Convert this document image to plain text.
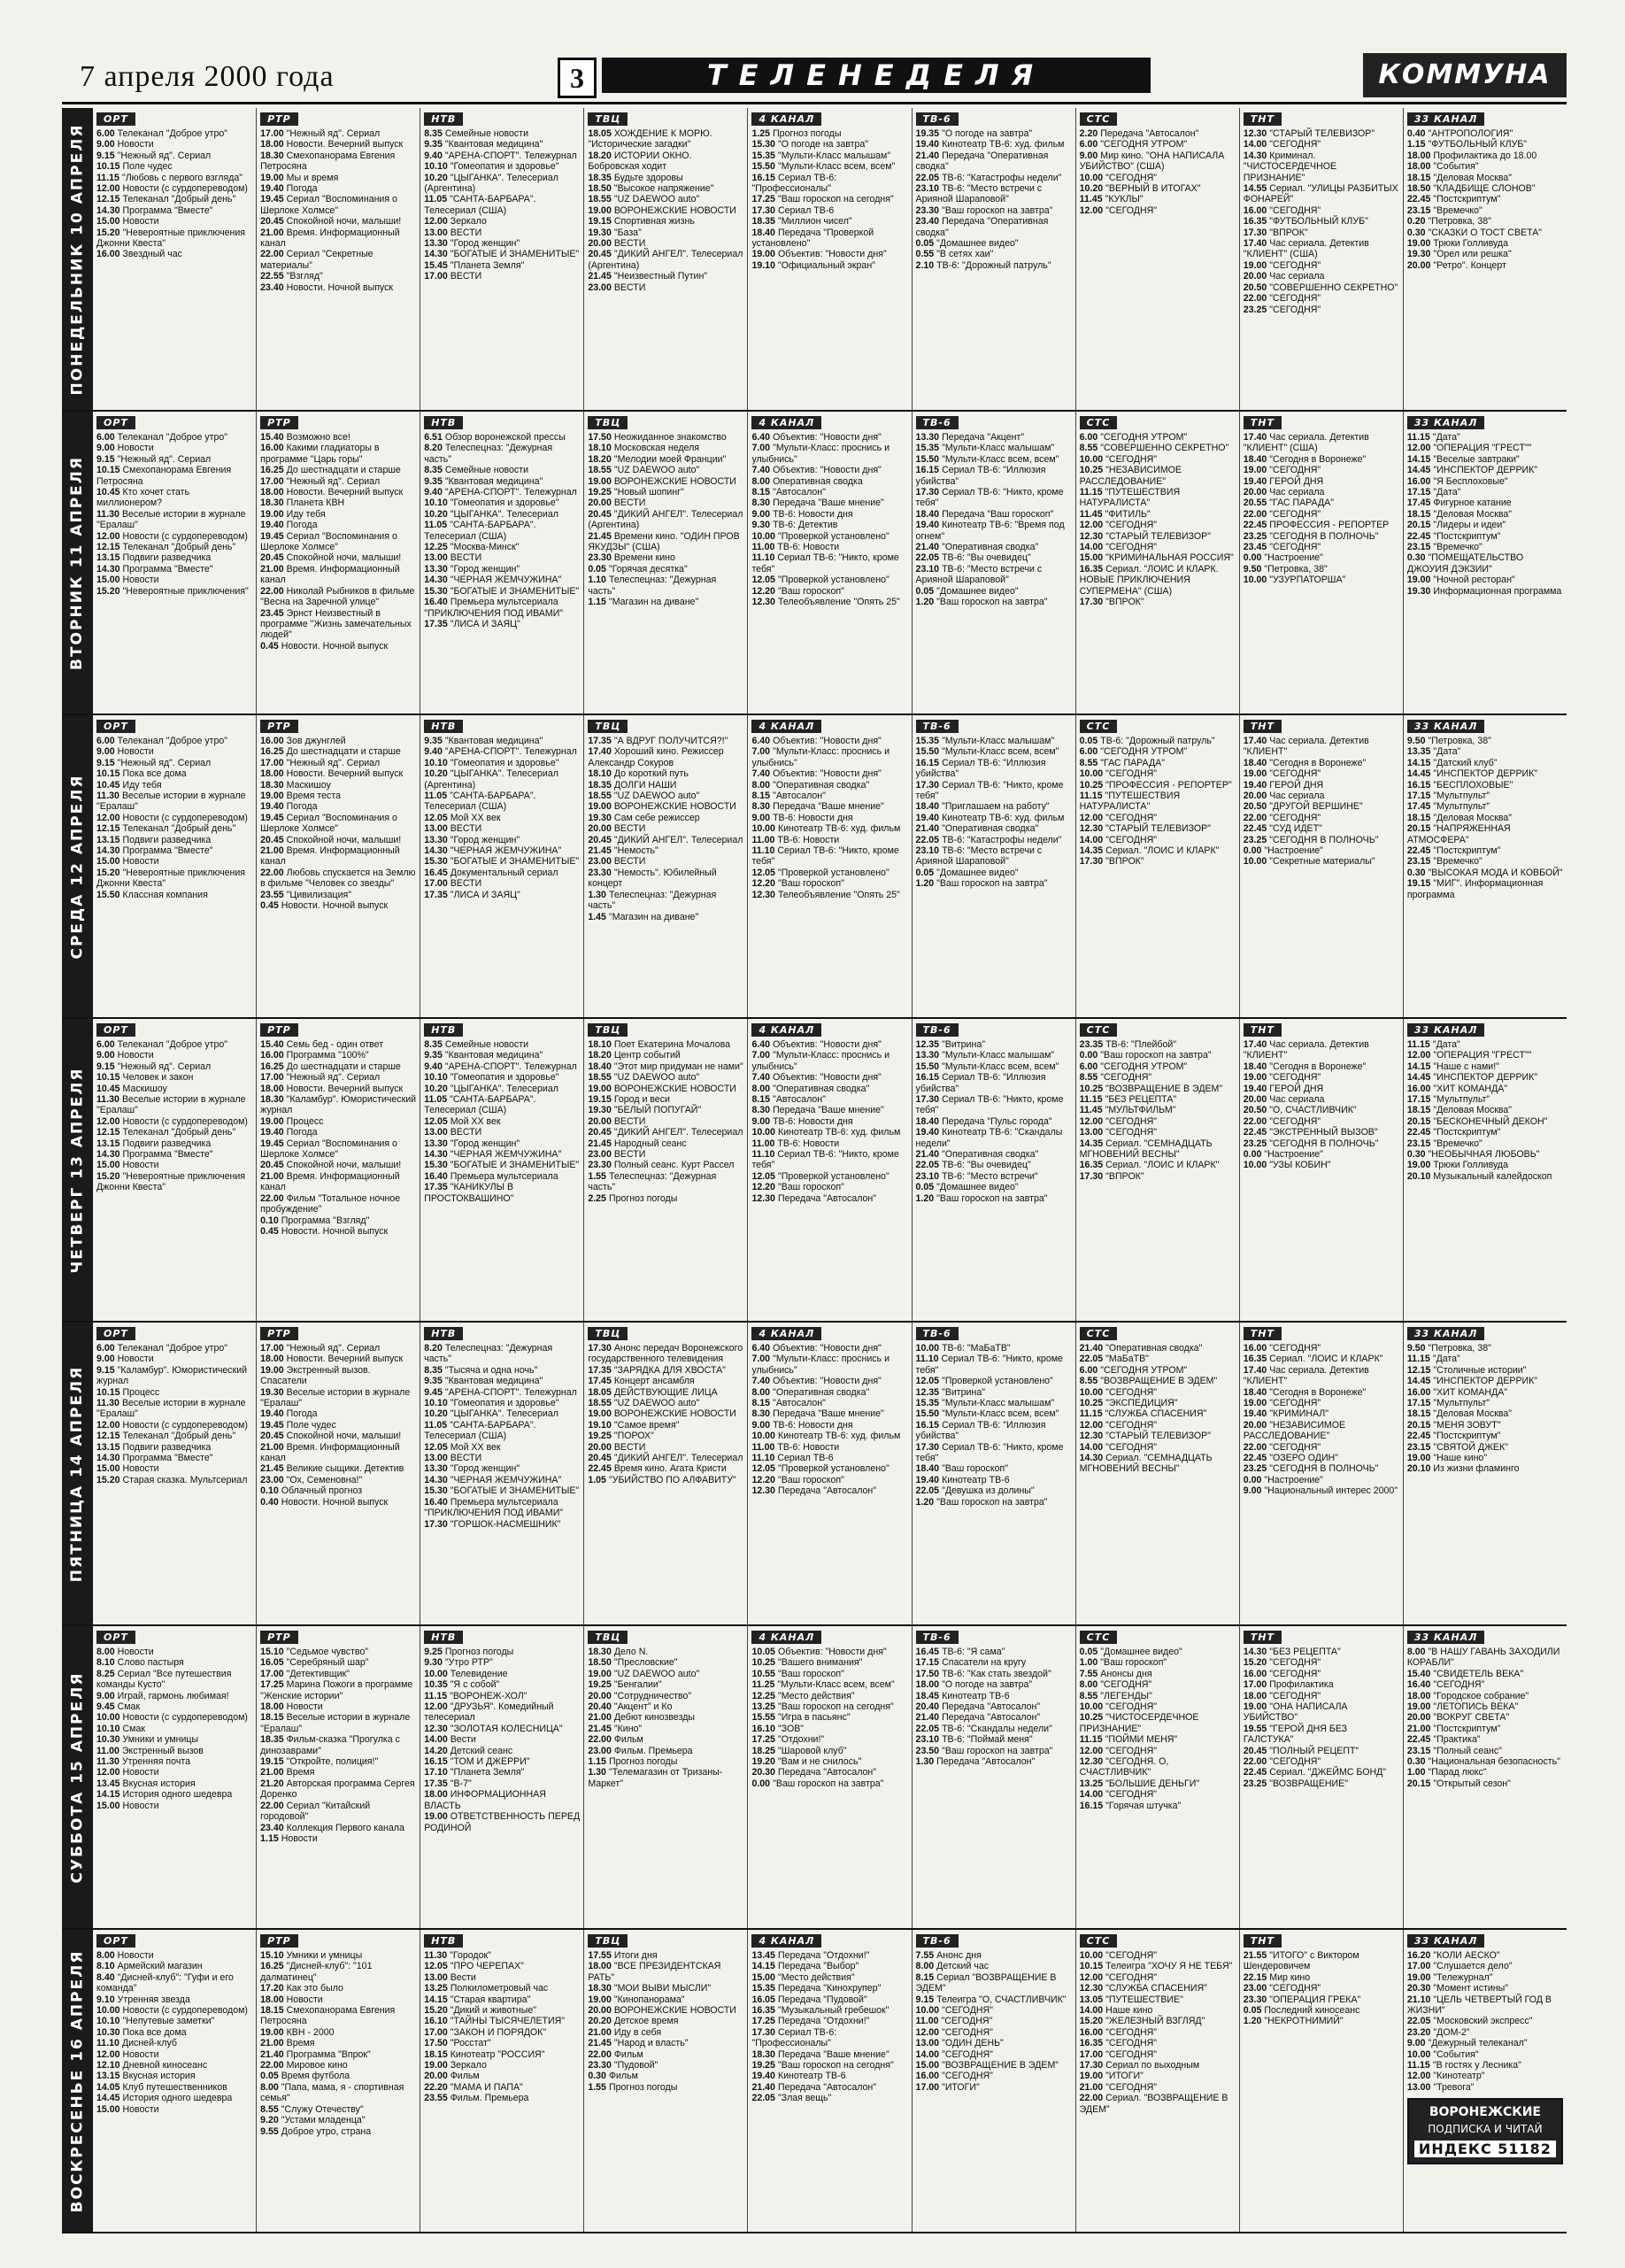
7 апреля 2000 года	3	ТЕЛЕНЕДЕЛЯ	КОММУНА
ПОНЕДЕЛЬНИК 10 АПРЕЛЯ
ОРТ
6.00 Телеканал "Доброе утро"
9.00 Новости
9.15 "Нежный яд". Сериал
10.15 Поле чудес
11.15 "Любовь с первого взгляда"
12.00 Новости (с сурдопереводом)
12.15 Телеканал "Добрый день"
14.30 Программа "Вместе"
15.00 Новости
15.20 "Невероятные приключения Джонни Квеста"
16.00 Звездный час
РТР
17.00 "Нежный яд". Сериал
18.00 Новости. Вечерний выпуск
18.30 Смехопанорама Евгения Петросяна
19.00 Мы и время
19.40 Погода
19.45 Сериал "Воспоминания о Шерлоке Холмсе"
20.45 Спокойной ночи, малыши!
21.00 Время. Информационный канал
22.00 Сериал "Секретные материалы"
22.55 "Взгляд"
23.40 Новости. Ночной выпуск
НТВ
8.35 Семейные новости
9.35 "Квантовая медицина"
9.40 "АРЕНА-СПОРТ". Тележурнал
10.10 "Гомеопатия и здоровье"
10.20 "ЦЫГАНКА". Телесериал (Аргентина)
11.05 "САНТА-БАРБАРА". Телесериал (США)
12.00 Зеркало
13.00 ВЕСТИ
13.30 "Город женщин"
14.30 "БОГАТЫЕ И ЗНАМЕНИТЫЕ"
15.45 "Планета Земля"
17.00 ВЕСТИ
ТВЦ
18.05 ХОЖДЕНИЕ К МОРЮ. "Исторические загадки"
18.20 ИСТОРИИ ОКНО. Бобровская ходит
18.35 Будьте здоровы
18.50 "Высокое напряжение"
18.55 "UZ DAEWOO auto"
19.00 ВОРОНЕЖСКИЕ НОВОСТИ
19.15 Спортивная жизнь
19.30 "База"
20.00 ВЕСТИ
20.45 "ДИКИЙ АНГЕЛ". Телесериал (Аргентина)
21.45 "Неизвестный Путин"
23.00 ВЕСТИ
4 КАНАЛ
1.25 Прогноз погоды
15.30 "О погоде на завтра"
15.35 "Мульти-Класс малышам"
15.50 "Мульти-Класс всем, всем"
16.15 Сериал ТВ-6: "Профессионалы"
17.25 "Ваш гороскоп на сегодня"
17.30 Сериал ТВ-6
18.35 "Миллион чисел"
18.40 Передача "Проверкой установлено"
19.00 Объектив: "Новости дня"
19.10 "Официальный экран"
ТВ-6
19.35 "О погоде на завтра"
19.40 Кинотеатр ТВ-6: худ. фильм
21.40 Передача "Оперативная сводка"
22.05 ТВ-6: "Катастрофы недели"
23.10 ТВ-6: "Место встречи с Арияной Шараповой"
23.30 "Ваш гороскоп на завтра"
23.40 Передача "Оперативная сводка"
0.05 "Домашнее видео"
0.55 "В сетях хаи"
2.10 ТВ-6: "Дорожный патруль"
СТС
2.20 Передача "Автосалон"
6.00 "СЕГОДНЯ УТРОМ"
9.00 Мир кино. "ОНА НАПИСАЛА УБИЙСТВО" (США)
10.00 "СЕГОДНЯ"
10.20 "ВЕРНЫЙ В ИТОГАХ"
11.45 "КУКЛЫ"
12.00 "СЕГОДНЯ"
ТНТ
12.30 "СТАРЫЙ ТЕЛЕВИЗОР"
14.00 "СЕГОДНЯ"
14.30 Криминал. "ЧИСТОСЕРДЕЧНОЕ ПРИЗНАНИЕ"
14.55 Сериал. "УЛИЦЫ РАЗБИТЫХ ФОНАРЕЙ"
16.00 "СЕГОДНЯ"
16.35 "ФУТБОЛЬНЫЙ КЛУБ"
17.30 "ВПРОК"
17.40 Час сериала. Детектив "КЛИЕНТ" (США)
19.00 "СЕГОДНЯ"
20.00 Час сериала
20.50 "СОВЕРШЕННО СЕКРЕТНО"
22.00 "СЕГОДНЯ"
23.25 "СЕГОДНЯ"
33 КАНАЛ
0.40 "АНТРОПОЛОГИЯ"
1.15 "ФУТБОЛЬНЫЙ КЛУБ"
18.00 Профилактика до 18.00
18.00 "События"
18.15 "Деловая Москва"
18.50 "КЛАДБИЩЕ СЛОНОВ"
22.45 "Постскриптум"
23.15 "Времечко"
0.20 "Петровка, 38"
0.30 "СКАЗКИ О ТОСТ СВЕТА"
19.00 Трюки Голливуда
19.30 "Орел или решка"
20.00 "Ретро". Концерт
ВТОРНИК 11 АПРЕЛЯ
ОРТ
6.00 Телеканал "Доброе утро"
9.00 Новости
9.15 "Нежный яд". Сериал
10.15 Смехопанорама Евгения Петросяна
10.45 Кто хочет стать миллионером?
11.30 Веселые истории в журнале "Ералаш"
12.00 Новости (с сурдопереводом)
12.15 Телеканал "Добрый день"
13.15 Подвиги разведчика
14.30 Программа "Вместе"
15.00 Новости
15.20 "Невероятные приключения"
РТР
15.40 Возможно все!
16.00 Какими гладиаторы в программе "Царь горы"
16.25 До шестнадцати и старше
17.00 "Нежный яд". Сериал
18.00 Новости. Вечерний выпуск
18.30 Планета КВН
19.00 Иду тебя
19.40 Погода
19.45 Сериал "Воспоминания о Шерлоке Холмсе"
20.45 Спокойной ночи, малыши!
21.00 Время. Информационный канал
22.00 Николай Рыбников в фильме "Весна на Заречной улице"
23.45 Эрнст Неизвестный в программе "Жизнь замечательных людей"
0.45 Новости. Ночной выпуск
НТВ
6.51 Обзор воронежской прессы
8.20 Телеспецназ: "Дежурная часть"
8.35 Семейные новости
9.35 "Квантовая медицина"
9.40 "АРЕНА-СПОРТ". Тележурнал
10.10 "Гомеопатия и здоровье"
10.20 "ЦЫГАНКА". Телесериал
11.05 "САНТА-БАРБАРА". Телесериал (США)
12.25 "Москва-Минск"
13.00 ВЕСТИ
13.30 "Город женщин"
14.30 "ЧЕРНАЯ ЖЕМЧУЖИНА"
15.30 "БОГАТЫЕ И ЗНАМЕНИТЫЕ"
16.40 Премьера мультсериала "ПРИКЛЮЧЕНИЯ ПОД ИВАМИ"
17.35 "ЛИСА И ЗАЯЦ"
ТВЦ
17.50 Неожиданное знакомство
18.10 Московская неделя
18.20 "Мелодии моей Франции"
18.55 "UZ DAEWOO auto"
19.00 ВОРОНЕЖСКИЕ НОВОСТИ
19.25 "Новый шопинг"
20.00 ВЕСТИ
20.45 "ДИКИЙ АНГЕЛ". Телесериал (Аргентина)
21.45 Времени кино. "ОДИН ПРОВ ЯКУДЗЫ" (США)
23.30 Времени кино
0.05 "Горячая десятка"
1.10 Телеспецназ: "Дежурная часть"
1.15 "Магазин на диване"
4 КАНАЛ
6.40 Объектив: "Новости дня"
7.00 "Мульти-Класс: проснись и улыбнись"
7.40 Объектив: "Новости дня"
8.00 Оперативная сводка
8.15 "Автосалон"
8.30 Передача "Ваше мнение"
9.00 ТВ-6: Новости дня
9.30 ТВ-6: Детектив
10.00 "Проверкой установлено"
11.00 ТВ-6: Новости
11.10 Сериал ТВ-6: "Никто, кроме тебя"
12.05 "Проверкой установлено"
12.20 "Ваш гороскоп"
12.30 Телеобъявление "Опять 25"
ТВ-6
13.30 Передача "Акцент"
15.35 "Мульти-Класс малышам"
15.50 "Мульти-Класс всем, всем"
16.15 Сериал ТВ-6: "Иллюзия убийства"
17.30 Сериал ТВ-6: "Никто, кроме тебя"
18.40 Передача "Ваш гороскоп"
19.40 Кинотеатр ТВ-6: "Время под огнем"
21.40 "Оперативная сводка"
22.05 ТВ-6: "Вы очевидец"
23.10 ТВ-6: "Место встречи с Арияной Шараповой"
0.05 "Домашнее видео"
1.20 "Ваш гороскоп на завтра"
СТС
6.00 "СЕГОДНЯ УТРОМ"
8.55 "СОВЕРШЕННО СЕКРЕТНО"
10.00 "СЕГОДНЯ"
10.25 "НЕЗАВИСИМОЕ РАССЛЕДОВАНИЕ"
11.15 "ПУТЕШЕСТВИЯ НАТУРАЛИСТА"
11.45 "ФИТИЛЬ"
12.00 "СЕГОДНЯ"
12.30 "СТАРЫЙ ТЕЛЕВИЗОР"
14.00 "СЕГОДНЯ"
15.00 "КРИМИНАЛЬНАЯ РОССИЯ"
16.35 Сериал. "ЛОИС И КЛАРК. НОВЫЕ ПРИКЛЮЧЕНИЯ СУПЕРМЕНА" (США)
17.30 "ВПРОК"
ТНТ
17.40 Час сериала. Детектив "КЛИЕНТ" (США)
18.40 "Сегодня в Воронеже"
19.00 "СЕГОДНЯ"
19.40 ГЕРОЙ ДНЯ
20.00 Час сериала
20.55 "ГАС ПАРАДА"
22.00 "СЕГОДНЯ"
22.45 ПРОФЕССИЯ - РЕПОРТЕР
23.25 "СЕГОДНЯ В ПОЛНОЧЬ"
23.45 "СЕГОДНЯ"
0.00 "Настроение"
9.50 "Петровка, 38"
10.00 "УЗУРПАТОРША"
33 КАНАЛ
11.15 "Дата"
12.00 "ОПЕРАЦИЯ "ГРЕСТ""
14.15 "Веселые завтраки"
14.45 "ИНСПЕКТОР ДЕРРИК"
16.00 "Я Бесплоховые"
17.15 "Дата"
17.45 Фигурное катание
18.15 "Деловая Москва"
20.15 "Лидеры и идеи"
22.45 "Постскриптум"
23.15 "Времечко"
0.30 "ПОМЕЩАТЕЛЬСТВО ДЖОУИЯ ДЭКЗИИ"
19.00 "Ночной ресторан"
19.30 Информационная программа
СРЕДА 12 АПРЕЛЯ
ОРТ
6.00 Телеканал "Доброе утро"
9.00 Новости
9.15 "Нежный яд". Сериал
10.15 Пока все дома
10.45 Иду тебя
11.30 Веселые истории в журнале "Ералаш"
12.00 Новости (с сурдопереводом)
12.15 Телеканал "Добрый день"
13.15 Подвиги разведчика
14.30 Программа "Вместе"
15.00 Новости
15.20 "Невероятные приключения Джонни Квеста"
15.50 Классная компания
РТР
16.00 Зов джунглей
16.25 До шестнадцати и старше
17.00 "Нежный яд". Сериал
18.00 Новости. Вечерний выпуск
18.30 Маскишоу
19.00 Время теста
19.40 Погода
19.45 Сериал "Воспоминания о Шерлоке Холмсе"
20.45 Спокойной ночи, малыши!
21.00 Время. Информационный канал
22.00 Любовь спускается на Землю в фильме "Человек со звезды"
23.55 "Цивилизация"
0.45 Новости. Ночной выпуск
НТВ
9.35 "Квантовая медицина"
9.40 "АРЕНА-СПОРТ". Тележурнал
10.10 "Гомеопатия и здоровье"
10.20 "ЦЫГАНКА". Телесериал (Аргентина)
11.05 "САНТА-БАРБАРА". Телесериал (США)
12.05 Мой XX век
13.00 ВЕСТИ
13.30 "Город женщин"
14.30 "ЧЕРНАЯ ЖЕМЧУЖИНА"
15.30 "БОГАТЫЕ И ЗНАМЕНИТЫЕ"
16.45 Документальный сериал
17.00 ВЕСТИ
17.35 "ЛИСА И ЗАЯЦ"
ТВЦ
17.35 "А ВДРУГ ПОЛУЧИТСЯ?!"
17.40 Хороший кино. Режиссер Александр Сокуров
18.10 До короткий путь
18.35 ДОЛГИ НАШИ
18.55 "UZ DAEWOO auto"
19.00 ВОРОНЕЖСКИЕ НОВОСТИ
19.30 Сам себе режиссер
20.00 ВЕСТИ
20.45 "ДИКИЙ АНГЕЛ". Телесериал
21.45 "Немость"
23.00 ВЕСТИ
23.30 "Немость". Юбилейный концерт
1.30 Телеспецназ: "Дежурная часть"
1.45 "Магазин на диване"
4 КАНАЛ
6.40 Объектив: "Новости дня"
7.00 "Мульти-Класс: проснись и улыбнись"
7.40 Объектив: "Новости дня"
8.00 "Оперативная сводка"
8.15 "Автосалон"
8.30 Передача "Ваше мнение"
9.00 ТВ-6: Новости дня
10.00 Кинотеатр ТВ-6: худ. фильм
11.00 ТВ-6: Новости
11.10 Сериал ТВ-6: "Никто, кроме тебя"
12.05 "Проверкой установлено"
12.20 "Ваш гороскоп"
12.30 Телеобъявление "Опять 25"
ТВ-6
15.35 "Мульти-Класс малышам"
15.50 "Мульти-Класс всем, всем"
16.15 Сериал ТВ-6: "Иллюзия убийства"
17.30 Сериал ТВ-6: "Никто, кроме тебя"
18.40 "Приглашаем на работу"
19.40 Кинотеатр ТВ-6: худ. фильм
21.40 "Оперативная сводка"
22.05 ТВ-6: "Катастрофы недели"
23.10 ТВ-6: "Место встречи с Арияной Шараповой"
0.05 "Домашнее видео"
1.20 "Ваш гороскоп на завтра"
СТС
0.05 ТВ-6: "Дорожный патруль"
6.00 "СЕГОДНЯ УТРОМ"
8.55 "ГАС ПАРАДА"
10.00 "СЕГОДНЯ"
10.25 "ПРОФЕССИЯ - РЕПОРТЕР"
11.15 "ПУТЕШЕСТВИЯ НАТУРАЛИСТА"
12.00 "СЕГОДНЯ"
12.30 "СТАРЫЙ ТЕЛЕВИЗОР"
14.00 "СЕГОДНЯ"
14.35 Сериал. "ЛОИС И КЛАРК"
17.30 "ВПРОК"
ТНТ
17.40 Час сериала. Детектив "КЛИЕНТ"
18.40 "Сегодня в Воронеже"
19.00 "СЕГОДНЯ"
19.40 ГЕРОЙ ДНЯ
20.00 Час сериала
20.50 "ДРУГОЙ ВЕРШИНЕ"
22.00 "СЕГОДНЯ"
22.45 "СУД ИДЕТ"
23.25 "СЕГОДНЯ В ПОЛНОЧЬ"
0.00 "Настроение"
10.00 "Секретные материалы"
33 КАНАЛ
9.50 "Петровка, 38"
13.35 "Дата"
14.15 "Датский клуб"
14.45 "ИНСПЕКТОР ДЕРРИК"
16.15 "БЕСПЛОХОВЫЕ"
17.15 "Мультпульт"
17.45 "Мультпульт"
18.15 "Деловая Москва"
20.15 "НАПРЯЖЕННАЯ АТМОСФЕРА"
22.45 "Постскриптум"
23.15 "Времечко"
0.30 "ВЫСОКАЯ МОДА И КОВБОЙ"
19.15 "МИГ". Информационная программа
ЧЕТВЕРГ 13 АПРЕЛЯ
ОРТ
6.00 Телеканал "Доброе утро"
9.00 Новости
9.15 "Нежный яд". Сериал
10.15 Человек и закон
10.45 Маскишоу
11.30 Веселые истории в журнале "Ералаш"
12.00 Новости (с сурдопереводом)
12.15 Телеканал "Добрый день"
13.15 Подвиги разведчика
14.30 Программа "Вместе"
15.00 Новости
15.20 "Невероятные приключения Джонни Квеста"
РТР
15.40 Семь бед - один ответ
16.00 Программа "100%"
16.25 До шестнадцати и старше
17.00 "Нежный яд". Сериал
18.00 Новости. Вечерний выпуск
18.30 "Каламбур". Юмористический журнал
19.00 Процесс
19.40 Погода
19.45 Сериал "Воспоминания о Шерлоке Холмсе"
20.45 Спокойной ночи, малыши!
21.00 Время. Информационный канал
22.00 Фильм "Тотальное ночное пробуждение"
0.10 Программа "Взгляд"
0.45 Новости. Ночной выпуск
НТВ
8.35 Семейные новости
9.35 "Квантовая медицина"
9.40 "АРЕНА-СПОРТ". Тележурнал
10.10 "Гомеопатия и здоровье"
10.20 "ЦЫГАНКА". Телесериал
11.05 "САНТА-БАРБАРА". Телесериал (США)
12.05 Мой XX век
13.00 ВЕСТИ
13.30 "Город женщин"
14.30 "ЧЕРНАЯ ЖЕМЧУЖИНА"
15.30 "БОГАТЫЕ И ЗНАМЕНИТЫЕ"
16.40 Премьера мультсериала
17.35 "КАНИКУЛЫ В ПРОСТОКВАШИНО"
ТВЦ
18.10 Поет Екатерина Мочалова
18.20 Центр событий
18.40 "Этот мир придуман не нами"
18.55 "UZ DAEWOO auto"
19.00 ВОРОНЕЖСКИЕ НОВОСТИ
19.15 Город и веси
19.30 "БЕЛЫЙ ПОПУГАЙ"
20.00 ВЕСТИ
20.45 "ДИКИЙ АНГЕЛ". Телесериал
21.45 Народный сеанс
23.00 ВЕСТИ
23.30 Полный сеанс. Курт Рассел
1.55 Телеспецназ: "Дежурная часть"
2.25 Прогноз погоды
4 КАНАЛ
6.40 Объектив: "Новости дня"
7.00 "Мульти-Класс: проснись и улыбнись"
7.40 Объектив: "Новости дня"
8.00 "Оперативная сводка"
8.15 "Автосалон"
8.30 Передача "Ваше мнение"
9.00 ТВ-6: Новости дня
10.00 Кинотеатр ТВ-6: худ. фильм
11.00 ТВ-6: Новости
11.10 Сериал ТВ-6: "Никто, кроме тебя"
12.05 "Проверкой установлено"
12.20 "Ваш гороскоп"
12.30 Передача "Автосалон"
ТВ-6
12.35 "Витрина"
13.30 "Мульти-Класс малышам"
15.50 "Мульти-Класс всем, всем"
16.15 Сериал ТВ-6: "Иллюзия убийства"
17.30 Сериал ТВ-6: "Никто, кроме тебя"
18.40 Передача "Пульс города"
19.40 Кинотеатр ТВ-6: "Скандалы недели"
21.40 "Оперативная сводка"
22.05 ТВ-6: "Вы очевидец"
23.10 ТВ-6: "Место встречи"
0.05 "Домашнее видео"
1.20 "Ваш гороскоп на завтра"
СТС
23.35 ТВ-6: "Плейбой"
0.00 "Ваш гороскоп на завтра"
6.00 "СЕГОДНЯ УТРОМ"
8.55 "СЕГОДНЯ"
10.25 "ВОЗВРАЩЕНИЕ В ЭДЕМ"
11.15 "БЕЗ РЕЦЕПТА"
11.45 "МУЛЬТФИЛЬМ"
12.00 "СЕГОДНЯ"
13.00 "СЕГОДНЯ"
14.35 Сериал. "СЕМНАДЦАТЬ МГНОВЕНИЙ ВЕСНЫ"
16.35 Сериал. "ЛОИС И КЛАРК"
17.30 "ВПРОК"
ТНТ
17.40 Час сериала. Детектив "КЛИЕНТ"
18.40 "Сегодня в Воронеже"
19.00 "СЕГОДНЯ"
19.40 ГЕРОЙ ДНЯ
20.00 Час сериала
20.50 "О, СЧАСТЛИВЧИК"
22.00 "СЕГОДНЯ"
22.45 "ЭКСТРЕННЫЙ ВЫЗОВ"
23.25 "СЕГОДНЯ В ПОЛНОЧЬ"
0.00 "Настроение"
10.00 "УЗЫ КОБИН"
33 КАНАЛ
11.15 "Дата"
12.00 "ОПЕРАЦИЯ "ГРЕСТ""
14.15 "Наше с нами!"
14.45 "ИНСПЕКТОР ДЕРРИК"
16.00 "ХИТ КОМАНДА"
17.15 "Мультпульт"
18.15 "Деловая Москва"
20.15 "БЕСКОНЕЧНЫЙ ДЕКОН"
22.45 "Постскриптум"
23.15 "Времечко"
0.30 "НЕОБЫЧНАЯ ЛЮБОВЬ"
19.00 Трюки Голливуда
20.10 Музыкальный калейдоскоп
ПЯТНИЦА 14 АПРЕЛЯ
ОРТ
6.00 Телеканал "Доброе утро"
9.00 Новости
9.15 "Каламбур". Юмористический журнал
10.15 Процесс
11.30 Веселые истории в журнале "Ералаш"
12.00 Новости (с сурдопереводом)
12.15 Телеканал "Добрый день"
13.15 Подвиги разведчика
14.30 Программа "Вместе"
15.00 Новости
15.20 Старая сказка. Мультсериал
РТР
17.00 "Нежный яд". Сериал
18.00 Новости. Вечерний выпуск
19.00 Экстренный вызов. Спасатели
19.30 Веселые истории в журнале "Ералаш"
19.40 Погода
19.45 Поле чудес
20.45 Спокойной ночи, малыши!
21.00 Время. Информационный канал
21.45 Великие сыщики. Детектив
23.00 "Ох, Семеновна!"
0.10 Облачный прогноз
0.40 Новости. Ночной выпуск
НТВ
8.20 Телеспецназ: "Дежурная часть"
8.35 "Тысяча и одна ночь"
9.35 "Квантовая медицина"
9.45 "АРЕНА-СПОРТ". Тележурнал
10.10 "Гомеопатия и здоровье"
10.20 "ЦЫГАНКА". Телесериал
11.05 "САНТА-БАРБАРА". Телесериал (США)
12.05 Мой XX век
13.00 ВЕСТИ
13.30 "Город женщин"
14.30 "ЧЕРНАЯ ЖЕМЧУЖИНА"
15.30 "БОГАТЫЕ И ЗНАМЕНИТЫЕ"
16.40 Премьера мультсериала "ПРИКЛЮЧЕНИЯ ПОД ИВАМИ"
17.30 "ГОРШОК-НАСМЕШНИК"
ТВЦ
17.30 Анонс передач Воронежского государственного телевидения
17.35 "ЗАРЯДКА ДЛЯ ХВОСТА"
17.45 Концерт ансамбля
18.05 ДЕЙСТВУЮЩИЕ ЛИЦА
18.55 "UZ DAEWOO auto"
19.00 ВОРОНЕЖСКИЕ НОВОСТИ
19.10 "Самое время"
19.25 "ПОРОХ"
20.00 ВЕСТИ
20.45 "ДИКИЙ АНГЕЛ". Телесериал
22.45 Время кино. Агата Кристи
1.05 "УБИЙСТВО ПО АЛФАВИТУ"
4 КАНАЛ
6.40 Объектив: "Новости дня"
7.00 "Мульти-Класс: проснись и улыбнись"
7.40 Объектив: "Новости дня"
8.00 "Оперативная сводка"
8.15 "Автосалон"
8.30 Передача "Ваше мнение"
9.00 ТВ-6: Новости дня
10.00 Кинотеатр ТВ-6: худ. фильм
11.00 ТВ-6: Новости
11.10 Сериал ТВ-6
12.05 "Проверкой установлено"
12.20 "Ваш гороскоп"
12.30 Передача "Автосалон"
ТВ-6
10.00 ТВ-6: "МаБаТВ"
11.10 Сериал ТВ-6: "Никто, кроме тебя"
12.05 "Проверкой установлено"
12.35 "Витрина"
15.35 "Мульти-Класс малышам"
15.50 "Мульти-Класс всем, всем"
16.15 Сериал ТВ-6: "Иллюзия убийства"
17.30 Сериал ТВ-6: "Никто, кроме тебя"
18.40 "Ваш гороскоп"
19.40 Кинотеатр ТВ-6
22.05 "Девушка из долины"
1.20 "Ваш гороскоп на завтра"
СТС
21.40 "Оперативная сводка"
22.05 "МаБаТВ"
6.00 "СЕГОДНЯ УТРОМ"
8.55 "ВОЗВРАЩЕНИЕ В ЭДЕМ"
10.00 "СЕГОДНЯ"
10.25 "ЭКСПЕДИЦИЯ"
11.15 "СЛУЖБА СПАСЕНИЯ"
12.00 "СЕГОДНЯ"
12.30 "СТАРЫЙ ТЕЛЕВИЗОР"
14.00 "СЕГОДНЯ"
14.30 Сериал. "СЕМНАДЦАТЬ МГНОВЕНИЙ ВЕСНЫ"
ТНТ
16.00 "СЕГОДНЯ"
16.35 Сериал. "ЛОИС И КЛАРК"
17.40 Час сериала. Детектив "КЛИЕНТ"
18.40 "Сегодня в Воронеже"
19.00 "СЕГОДНЯ"
19.40 "КРИМИНАЛ"
20.00 "НЕЗАВИСИМОЕ РАССЛЕДОВАНИЕ"
22.00 "СЕГОДНЯ"
22.45 "ОЗЕРО ОДИН"
23.25 "СЕГОДНЯ В ПОЛНОЧЬ"
0.00 "Настроение"
9.00 "Национальный интерес 2000"
33 КАНАЛ
9.50 "Петровка, 38"
11.15 "Дата"
12.15 "Столичные истории"
14.45 "ИНСПЕКТОР ДЕРРИК"
16.00 "ХИТ КОМАНДА"
17.15 "Мультпульт"
18.15 "Деловая Москва"
20.15 "МЕНЯ ЗОВУТ"
22.45 "Постскриптум"
23.15 "СВЯТОЙ ДЖЕК"
19.00 "Наше кино"
20.10 Из жизни фламинго
СУББОТА 15 АПРЕЛЯ
ОРТ
8.00 Новости
8.10 Слово пастыря
8.25 Сериал "Все путешествия команды Кусто"
9.00 Играй, гармонь любимая!
9.45 Смак
10.00 Новости (с сурдопереводом)
10.10 Смак
10.30 Умники и умницы
11.00 Экстренный вызов
11.30 Утренняя почта
12.00 Новости
13.45 Вкусная история
14.15 История одного шедевра
15.00 Новости
РТР
15.10 "Седьмое чувство"
16.05 "Серебряный шар"
17.00 "Детективщик"
17.25 Марина Пожоги в программе "Женские истории"
18.00 Новости
18.15 Веселые истории в журнале "Ералаш"
18.35 Фильм-сказка "Прогулка с динозаврами"
19.15 "Откройте, полиция!"
21.00 Время
21.20 Авторская программа Сергея Доренко
22.00 Сериал "Китайский городовой"
23.40 Коллекция Первого канала
1.15 Новости
НТВ
9.25 Прогноз погоды
9.30 "Утро РТР"
10.00 Телевидение
10.35 "Я с собой"
11.15 "ВОРОНЕЖ-ХОЛ"
12.00 "ДРУЗЬЯ". Комедийный телесериал
12.30 "ЗОЛОТАЯ КОЛЕСНИЦА"
14.00 Вести
14.20 Детский сеанс
16.15 "ТОМ И ДЖЕРРИ"
17.10 "Планета Земля"
17.35 "В-7"
18.00 ИНФОРМАЦИОННАЯ ВЛАСТЬ
19.00 ОТВЕТСТВЕННОСТЬ ПЕРЕД РОДИНОЙ
ТВЦ
18.30 Дело N.
18.50 "Пресловские"
19.00 "UZ DAEWOO auto"
19.25 "Бенгалии"
20.00 "Сотрудничество"
20.40 "Акцент" и Ко
21.00 Дебют кинозвезды
21.45 "Кино"
22.00 Фильм
23.00 Фильм. Премьера
1.15 Прогноз погоды
1.30 "Телемагазин от Тризаны-Маркет"
4 КАНАЛ
10.05 Объектив: "Новости дня"
10.25 "Вашего внимания"
10.55 "Ваш гороскоп"
11.25 "Мульти-Класс всем, всем"
12.25 "Место действия"
13.25 "Ваш гороскоп на сегодня"
15.55 "Игра в пасьянс"
16.10 "ЗОВ"
17.25 "Отдохни!"
18.25 "Шаровой клуб"
19.20 "Вам и не снилось"
20.30 Передача "Автосалон"
0.00 "Ваш гороскоп на завтра"
ТВ-6
16.45 ТВ-6: "Я сама"
17.15 Спасатели на кругу
17.50 ТВ-6: "Как стать звездой"
18.00 "О погоде на завтра"
18.45 Кинотеатр ТВ-6
20.40 Передача "Автосалон"
21.40 Передача "Автосалон"
22.05 ТВ-6: "Скандалы недели"
23.10 ТВ-6: "Поймай меня"
23.50 "Ваш гороскоп на завтра"
1.30 Передача "Автосалон"
СТС
0.05 "Домашнее видео"
1.00 "Ваш гороскоп"
7.55 Анонсы дня
8.00 "СЕГОДНЯ"
8.55 "ЛЕГЕНДЫ"
10.00 "СЕГОДНЯ"
10.25 "ЧИСТОСЕРДЕЧНОЕ ПРИЗНАНИЕ"
11.15 "ПОЙМИ МЕНЯ"
12.00 "СЕГОДНЯ"
12.30 "СЕГОДНЯ. О, СЧАСТЛИВЧИК"
13.25 "БОЛЬШИЕ ДЕНЬГИ"
14.00 "СЕГОДНЯ"
16.15 "Горячая штучка"
ТНТ
14.30 "БЕЗ РЕЦЕПТА"
15.20 "СЕГОДНЯ"
16.00 "СЕГОДНЯ"
17.00 Профилактика
18.00 "СЕГОДНЯ"
19.00 "ОНА НАПИСАЛА УБИЙСТВО"
19.55 "ГЕРОЙ ДНЯ БЕЗ ГАЛСТУКА"
20.45 "ПОЛНЫЙ РЕЦЕПТ"
22.00 "СЕГОДНЯ"
22.45 Сериал. "ДЖЕЙМС БОНД"
23.25 "ВОЗВРАЩЕНИЕ"
33 КАНАЛ
8.00 "В НАШУ ГАВАНЬ ЗАХОДИЛИ КОРАБЛИ"
15.40 "СВИДЕТЕЛЬ ВЕКА"
16.40 "СЕГОДНЯ"
18.00 "Городское собрание"
19.00 "ЛЕТОПИСЬ ВЕКА"
20.00 "ВОКРУГ СВЕТА"
21.00 "Постскриптум"
22.45 "Практика"
23.15 "Полный сеанс"
0.30 "Национальная безопасность"
1.00 "Парад люкс"
20.15 "Открытый сезон"
ВОСКРЕСЕНЬЕ 16 АПРЕЛЯ
ОРТ
8.00 Новости
8.10 Армейский магазин
8.40 "Дисней-клуб": "Гуфи и его команда"
9.10 Утренняя звезда
10.00 Новости (с сурдопереводом)
10.10 "Непутевые заметки"
10.30 Пока все дома
11.10 Дисней-клуб
12.00 Новости
12.10 Дневной киносеанс
13.15 Вкусная история
14.05 Клуб путешественников
14.45 История одного шедевра
15.00 Новости
РТР
15.10 Умники и умницы
16.25 "Дисней-клуб": "101 далматинец"
17.20 Как это было
18.00 Новости
18.15 Смехопанорама Евгения Петросяна
19.00 КВН - 2000
21.00 Время
21.40 Программа "Впрок"
22.00 Мировое кино
0.05 Время футбола
8.00 "Папа, мама, я - спортивная семья"
8.55 "Служу Отечеству"
9.20 "Устами младенца"
9.55 Доброе утро, страна
НТВ
11.30 "Городок"
12.05 "ПРО ЧЕРЕПАХ"
13.00 Вести
13.25 Полкилометровый час
14.15 "Старая квартира"
15.20 "Дикий и животные"
16.10 "ТАЙНЫ ТЫСЯЧЕЛЕТИЯ"
17.00 "ЗАКОН И ПОРЯДОК"
17.50 "Росстат"
18.15 Кинотеатр "РОССИЯ"
19.00 Зеркало
20.00 Фильм
22.20 "МАМА И ПАПА"
23.55 Фильм. Премьера
ТВЦ
17.55 Итоги дня
18.00 "ВСЕ ПРЕЗИДЕНТСКАЯ РАТЬ"
18.30 "МОИ ВЫВИ МЫСЛИ"
19.00 "Кинопанорама"
20.00 ВОРОНЕЖСКИЕ НОВОСТИ
20.20 Детское время
21.00 Иду в себя
21.45 "Народ и власть"
22.00 Фильм
23.30 "Пудовой"
0.30 Фильм
1.55 Прогноз погоды
4 КАНАЛ
13.45 Передача "Отдохни!"
14.15 Передача "Выбор"
15.00 "Место действия"
15.35 Передача "Кинохрупер"
16.05 Передача "Пудовой"
16.35 "Музыкальный гребешок"
17.25 Передача "Отдохни!"
17.30 Сериал ТВ-6: "Профессионалы"
18.30 Передача "Ваше мнение"
19.25 "Ваш гороскоп на сегодня"
19.40 Кинотеатр ТВ-6
21.40 Передача "Автосалон"
22.05 "Злая вещь"
ТВ-6
7.55 Анонс дня
8.00 Детский час
8.15 Сериал "ВОЗВРАЩЕНИЕ В ЭДЕМ"
9.15 Телеигра "О, СЧАСТЛИВЧИК"
10.00 "СЕГОДНЯ"
11.00 "СЕГОДНЯ"
12.00 "СЕГОДНЯ"
13.00 "ОДИН ДЕНЬ"
14.00 "СЕГОДНЯ"
15.00 "ВОЗВРАЩЕНИЕ В ЭДЕМ"
16.00 "СЕГОДНЯ"
17.00 "ИТОГИ"
СТС
10.00 "СЕГОДНЯ"
10.15 Телеигра "ХОЧУ Я НЕ ТЕБЯ"
12.00 "СЕГОДНЯ"
12.30 "СЛУЖБА СПАСЕНИЯ"
13.05 "ПУТЕШЕСТВИЕ"
14.00 Наше кино
15.20 "ЖЕЛЕЗНЫЙ ВЗГЛЯД"
16.00 "СЕГОДНЯ"
16.35 "СЕГОДНЯ"
17.00 "СЕГОДНЯ"
17.30 Сериал по выходным
19.00 "ИТОГИ"
21.00 "СЕГОДНЯ"
22.00 Сериал. "ВОЗВРАЩЕНИЕ В ЭДЕМ"
ТНТ
21.55 "ИТОГО" с Виктором Шендеровичем
22.15 Мир кино
23.00 "СЕГОДНЯ"
23.30 "ОПЕРАЦИЯ ГРЕКА"
0.05 Последний киносеанс
1.20 "НЕКРОТНИМИЙ"
33 КАНАЛ
16.20 "КОЛИ АЕСКО"
17.00 "Слушается дело"
19.00 "Тележурнал"
20.30 "Момент истины"
21.10 "ЦЕЛЬ ЧЕТВЕРТЫЙ ГОД В ЖИЗНИ"
22.05 "Московский экспресс"
23.20 "ДОМ-2"
9.00 "Дежурный телеканал"
10.00 "События"
11.15 "В гостях у Лесника"
12.00 "Кинотеатр"
13.00 "Тревога"
ВОРОНЕЖСКИЕ
ПОДПИСКА И ЧИТАЙ
ИНДЕКС 51182
